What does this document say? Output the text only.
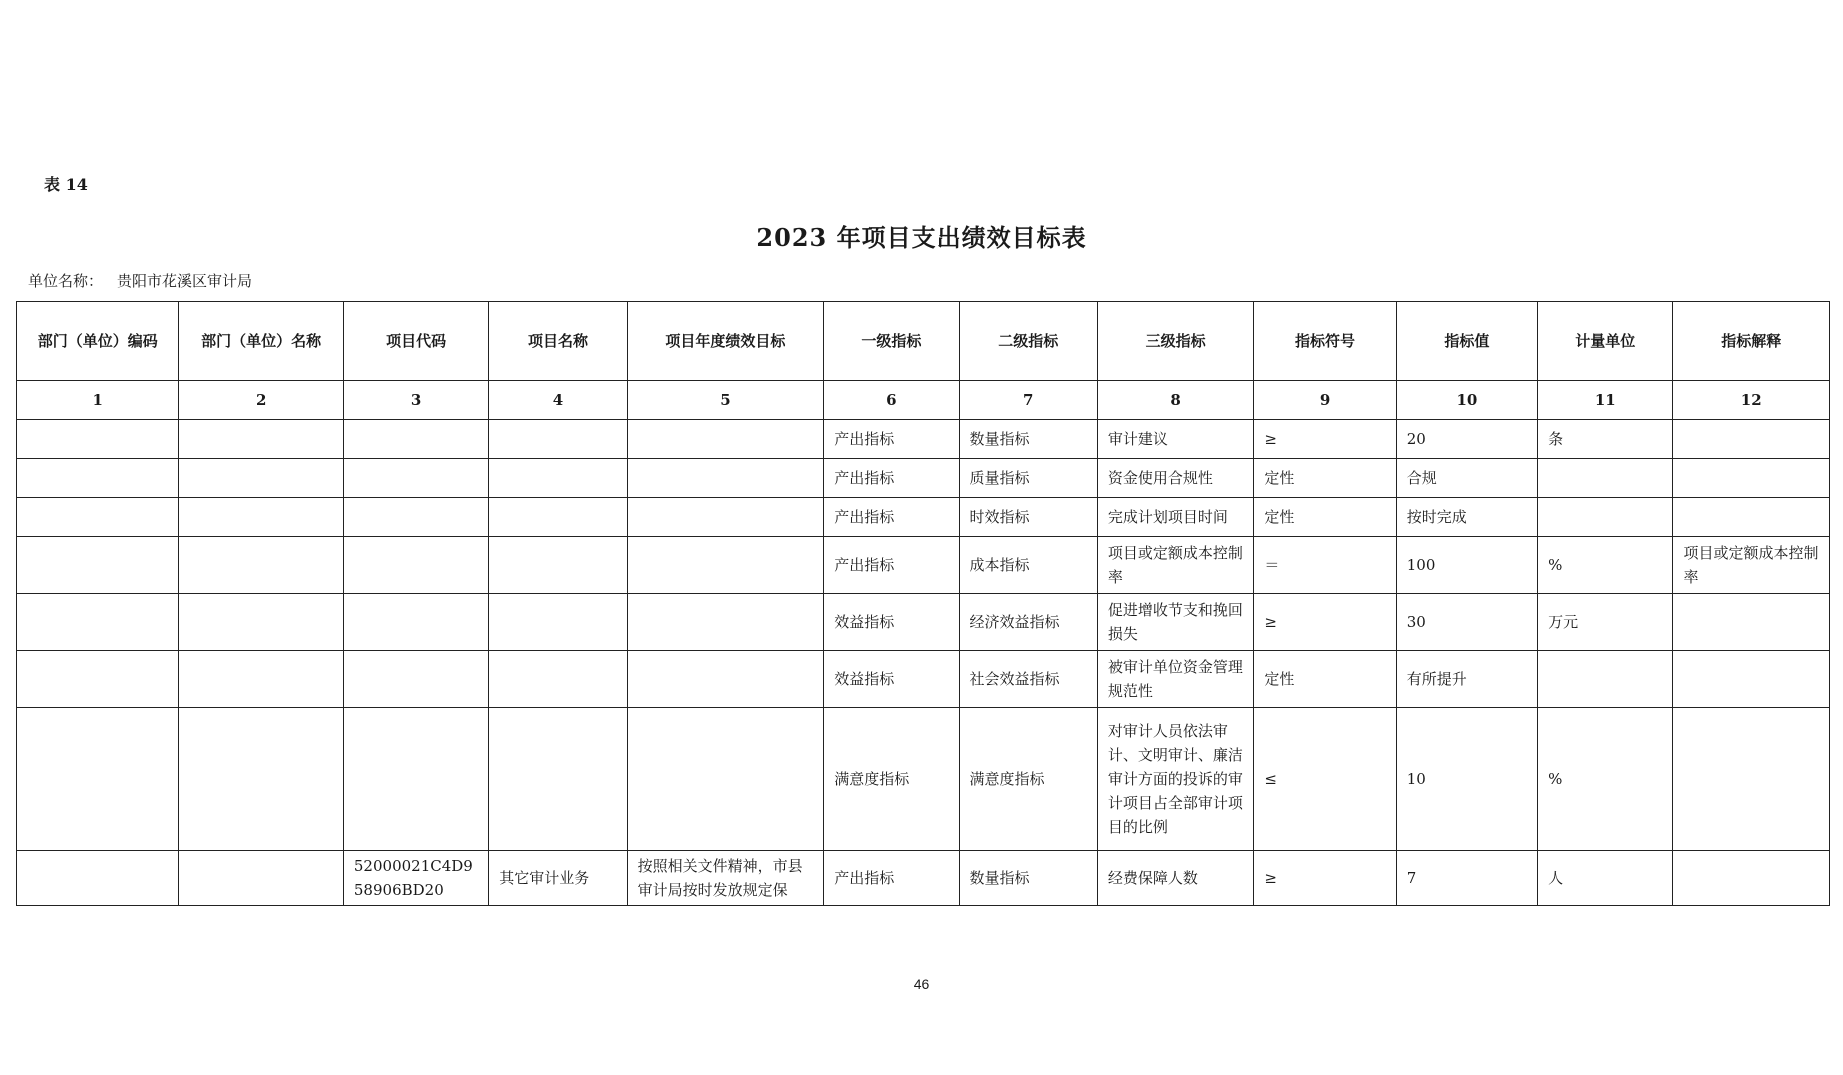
表 14
2023 年项目支出绩效目标表
单位名称： 贵阳市花溪区审计局
部门（单位）编码	部门（单位）名称	项目代码	项目名称	项目年度绩效目标	一级指标	二级指标	三级指标	指标符号	指标值	计量单位	指标解释
1	2	3	4	5	6	7	8	9	10	11	12
					产出指标	数量指标	审计建议	≥	20	条	
					产出指标	质量指标	资金使用合规性	定性	合规		
					产出指标	时效指标	完成计划项目时间	定性	按时完成		
					产出指标	成本指标	项目或定额成本控制率	＝	100	%	项目或定额成本控制率
					效益指标	经济效益指标	促进增收节支和挽回损失	≥	30	万元	
					效益指标	社会效益指标	被审计单位资金管理规范性	定性	有所提升		
					满意度指标	满意度指标	对审计人员依法审计、文明审计、廉洁审计方面的投诉的审计项目占全部审计项目的比例	≤	10	%	
		52000021C4D958906BD20	其它审计业务	按照相关文件精神，市县审计局按时发放规定保	产出指标	数量指标	经费保障人数	≥	7	人	
46
